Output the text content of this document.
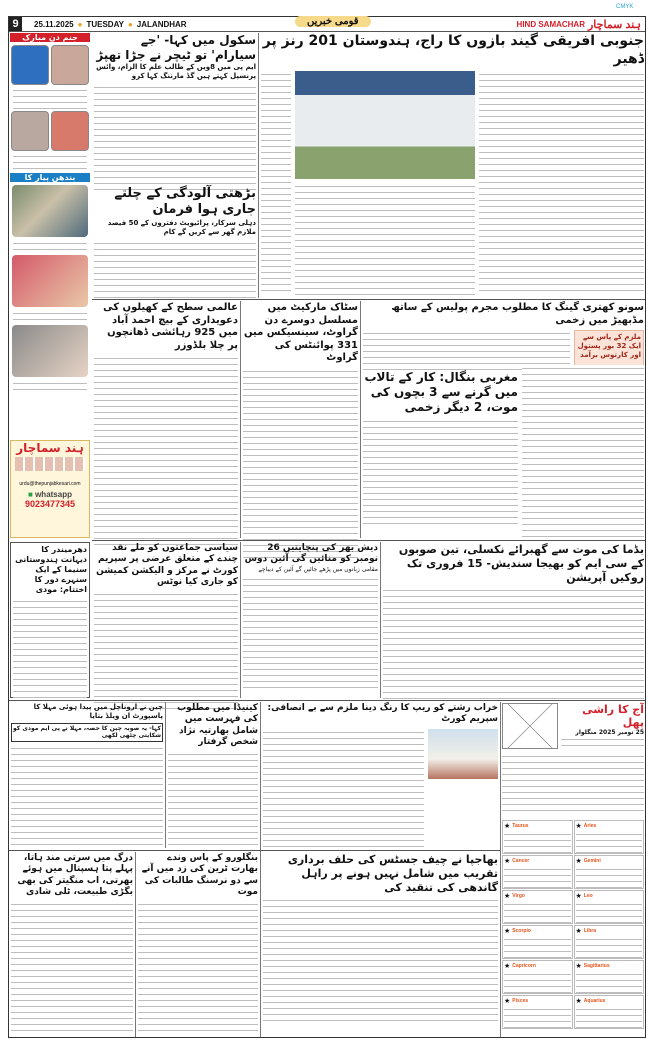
CMYK
9	25.11.2025 ● TUESDAY ● JALANDHAR	قومی خبریں	HIND SAMACHAR ہند سماچار
جنم دن مبارک
بندھن پیار کا
ہند سماچار
urdu@thepunjabkesari.com
■ whatsapp
9023477345
دھرمیندر کا دیہانت ہندوستانی سنیما کے ایک سنہرے دور کا اختتام: مودی
سکول میں کہا- 'جے سیارام' تو ٹیچر نے جڑا تھپڑ
ایم پی میں 8ویں کے طالب علم کا الزام، وائس پرنسپل کہتے ہیں گڈ مارننگ کہا کرو
بڑھتی آلودگی کے چلتے جاری ہوا فرمان
دہلی سرکار، پرائیویٹ دفتروں کے 50 فیصد ملازم گھر سے کریں گے کام
جنوبی افریقی گیند بازوں کا راج، ہندوستان 201 رنز پر ڈھیر
عالمی سطح کے کھیلوں کی دعویداری کے بیچ احمد آباد میں 925 رہائشی ڈھانچوں پر چلا بلڈوزر
سٹاک مارکیٹ میں مسلسل دوسرے دن گراوٹ، سینسیکس میں 331 پوائنٹس کی گراوٹ
سونو کھتری گینگ کا مطلوب مجرم پولیس کے ساتھ مڈبھیڑ میں زخمی
ملزم کے پاس سے ایک 32 بور پستول اور کارتوس برآمد
مغربی بنگال: کار کے تالاب میں گرنے سے 3 بچوں کی موت، 2 دیگر زخمی
سیاسی جماعتوں کو ملے نقد چندے کے متعلق عرضی پر سپریم کورٹ نے مرکز و الیکشن کمیشن کو جاری کیا نوٹس
دیش بھر کی پنچایتیں 26 نومبر کو منائیں گی آئین دوس
مقامی زبانوں میں پڑھے جائیں گے آئین کے دیباچے
بڈما کی موت سے گھبرائے نکسلی، تین صوبوں کے سی ایم کو بھیجا سندیش- 15 فروری تک روکیں آپریشن
چین نے اروناچل میں پیدا ہوئی مہلا کا پاسپورٹ ان ویلڈ بتایا
کہا- یہ صوبہ چین کا حصہ، مہلا نے پی ایم مودی کو شکایتی چٹھی لکھی
کینیڈا میں مطلوب کی فہرست میں شامل بھارتیہ نژاد شخص گرفتار
خراب رشتے کو ریپ کا رنگ دینا ملزم سے بے انصافی: سپریم کورٹ
آج کا راشی پھل
25 نومبر 2025 منگلوار
★ Taurus	★ Aries
★ Cancer	★ Gemini
★ Virgo	★ Leo
★ Scorpio	★ Libra
★ Capricorn	★ Sagittarius
★ Pisces	★ Aquarius
درگ میں سرتی مند ہاتا، پہلے پتا ہسپتال میں ہوئے بھرتی، اب منگیتر کی بھی بگڑی طبیعت، ٹلی شادی
بنگلورو کے پاس وندے بھارت ٹرین کی زد میں آنے سے دو نرسنگ طالبات کی موت
بھاجپا نے چیف جسٹس کی حلف برداری تقریب میں شامل نہیں ہونے پر راہل گاندھی کی تنقید کی
